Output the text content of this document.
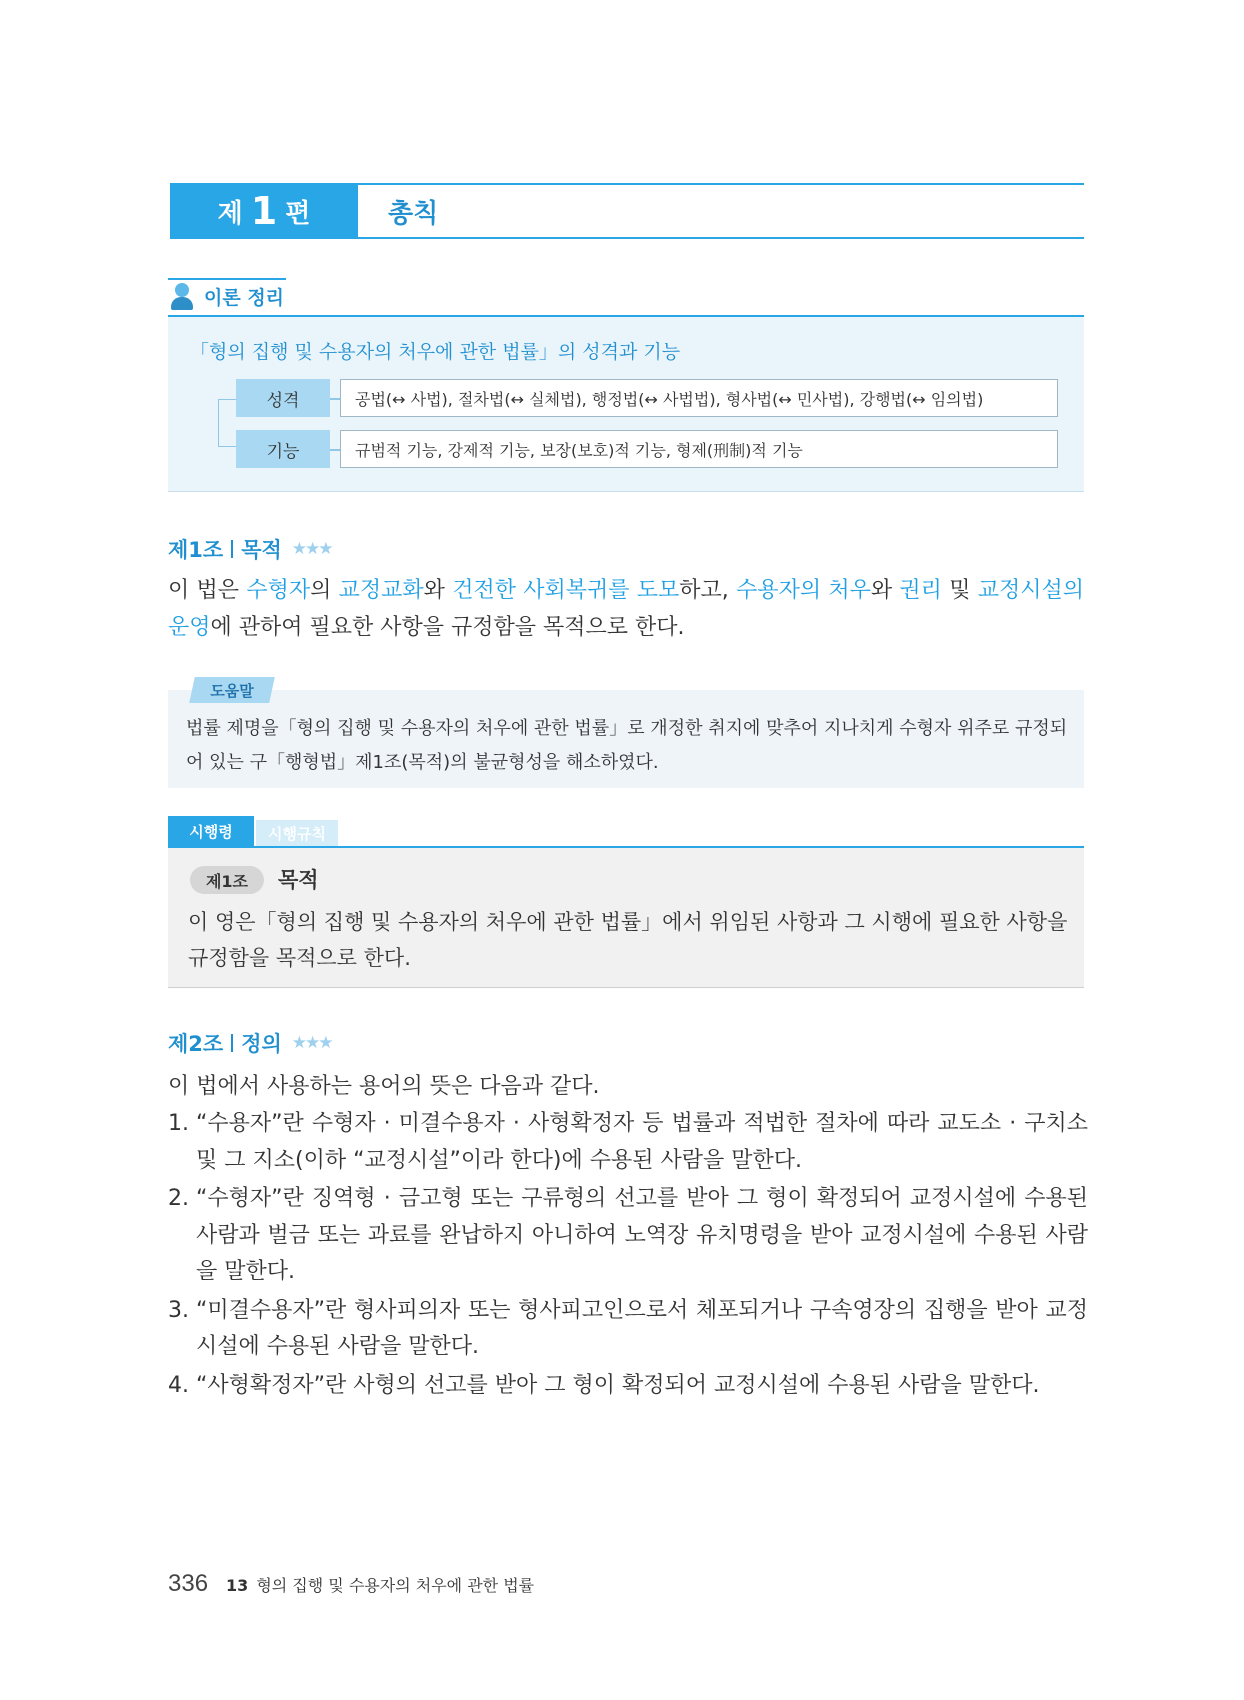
제 1 편	총칙
이론 정리
「형의 집행 및 수용자의 처우에 관한 법률」의 성격과 기능
성격	공법(↔ 사법), 절차법(↔ 실체법), 행정법(↔ 사법법), 형사법(↔ 민사법), 강행법(↔ 임의법)
기능	규범적 기능, 강제적 기능, 보장(보호)적 기능, 형제(刑制)적 기능
제1조 목적 ★★★

이 법은 수형자의 교정교화와 건전한 사회복귀를 도모하고, 수용자의 처우와 권리 및 교정시설의 운영에 관하여 필요한 사항을 규정함을 목적으로 한다.

도움말

법률 제명을「형의 집행 및 수용자의 처우에 관한 법률」로 개정한 취지에 맞추어 지나치게 수형자 위주로 규정되어 있는 구「행형법」제1조(목적)의 불균형성을 해소하였다.

시행령	시행규칙
제1조	목적

이 영은「형의 집행 및 수용자의 처우에 관한 법률」에서 위임된 사항과 그 시행에 필요한 사항을 규정함을 목적으로 한다.

제2조 정의 ★★★

이 법에서 사용하는 용어의 뜻은 다음과 같다.

1. “수용자”란 수형자 · 미결수용자 · 사형확정자 등 법률과 적법한 절차에 따라 교도소 · 구치소 및 그 지소(이하 “교정시설”이라 한다)에 수용된 사람을 말한다.
2. “수형자”란 징역형 · 금고형 또는 구류형의 선고를 받아 그 형이 확정되어 교정시설에 수용된 사람과 벌금 또는 과료를 완납하지 아니하여 노역장 유치명령을 받아 교정시설에 수용된 사람을 말한다.
3. “미결수용자”란 형사피의자 또는 형사피고인으로서 체포되거나 구속영장의 집행을 받아 교정시설에 수용된 사람을 말한다.
4. “사형확정자”란 사형의 선고를 받아 그 형이 확정되어 교정시설에 수용된 사람을 말한다.
336 13 형의 집행 및 수용자의 처우에 관한 법률
